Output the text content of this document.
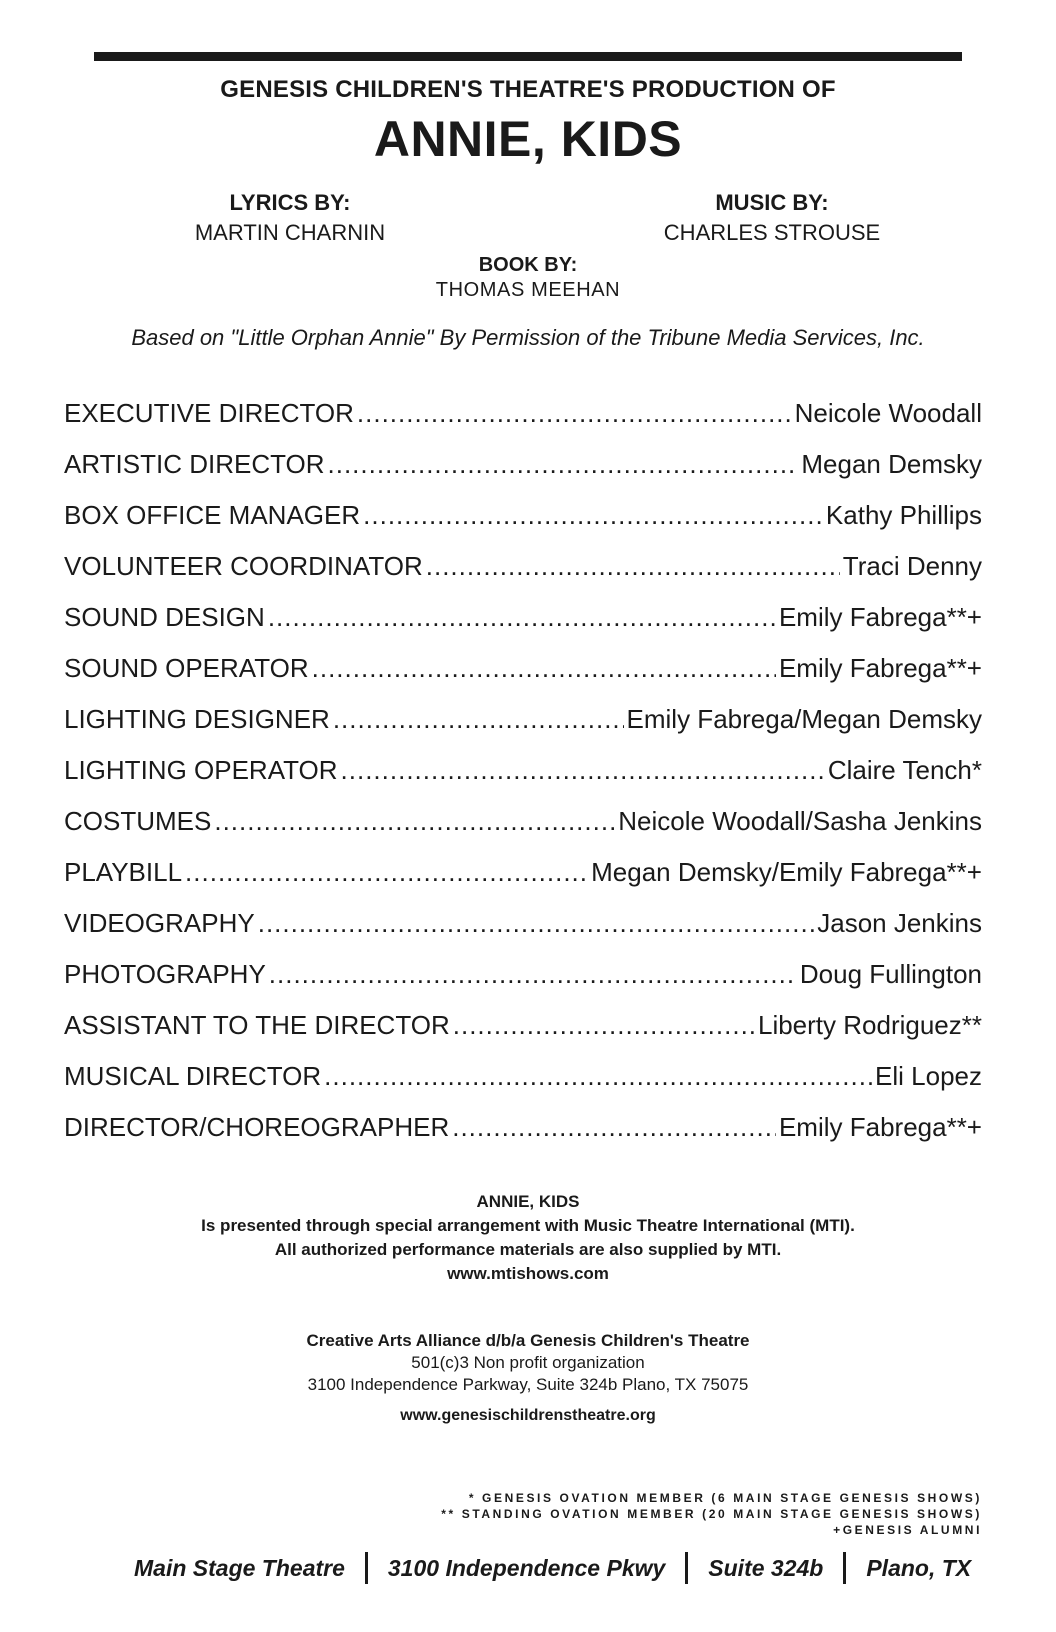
GENESIS CHILDREN'S THEATRE'S PRODUCTION OF
ANNIE, KIDS
LYRICS BY:
MARTIN CHARNIN
MUSIC BY:
CHARLES STROUSE
BOOK BY:
THOMAS MEEHAN
Based on "Little Orphan Annie" By Permission of the Tribune Media Services, Inc.
EXECUTIVE DIRECTOR .....	Neicole Woodall
ARTISTIC DIRECTOR .....	Megan Demsky
BOX OFFICE MANAGER .....	Kathy Phillips
VOLUNTEER COORDINATOR .....	Traci Denny
SOUND DESIGN .....	Emily Fabrega**+
SOUND OPERATOR .....	Emily Fabrega**+
LIGHTING DESIGNER .....	Emily Fabrega/Megan Demsky
LIGHTING OPERATOR .....	Claire Tench*
COSTUMES .....	Neicole Woodall/Sasha Jenkins
PLAYBILL .....	Megan Demsky/Emily Fabrega**+
VIDEOGRAPHY .....	Jason Jenkins
PHOTOGRAPHY .....	Doug Fullington
ASSISTANT TO THE DIRECTOR .....	Liberty Rodriguez**
MUSICAL DIRECTOR .....	Eli Lopez
DIRECTOR/CHOREOGRAPHER .....	Emily Fabrega**+
ANNIE, KIDS
Is presented through special arrangement with Music Theatre International (MTI).
All authorized performance materials are also supplied by MTI.
www.mtishows.com
Creative Arts Alliance d/b/a Genesis Children's Theatre
501(c)3 Non profit organization
3100 Independence Parkway, Suite 324b Plano, TX 75075
www.genesischildrenstheatre.org
* GENESIS OVATION MEMBER (6 MAIN STAGE GENESIS SHOWS)
** STANDING OVATION MEMBER (20 MAIN STAGE GENESIS SHOWS)
+GENESIS ALUMNI
Main Stage Theatre	3100 Independence Pkwy	Suite 324b	Plano, TX
